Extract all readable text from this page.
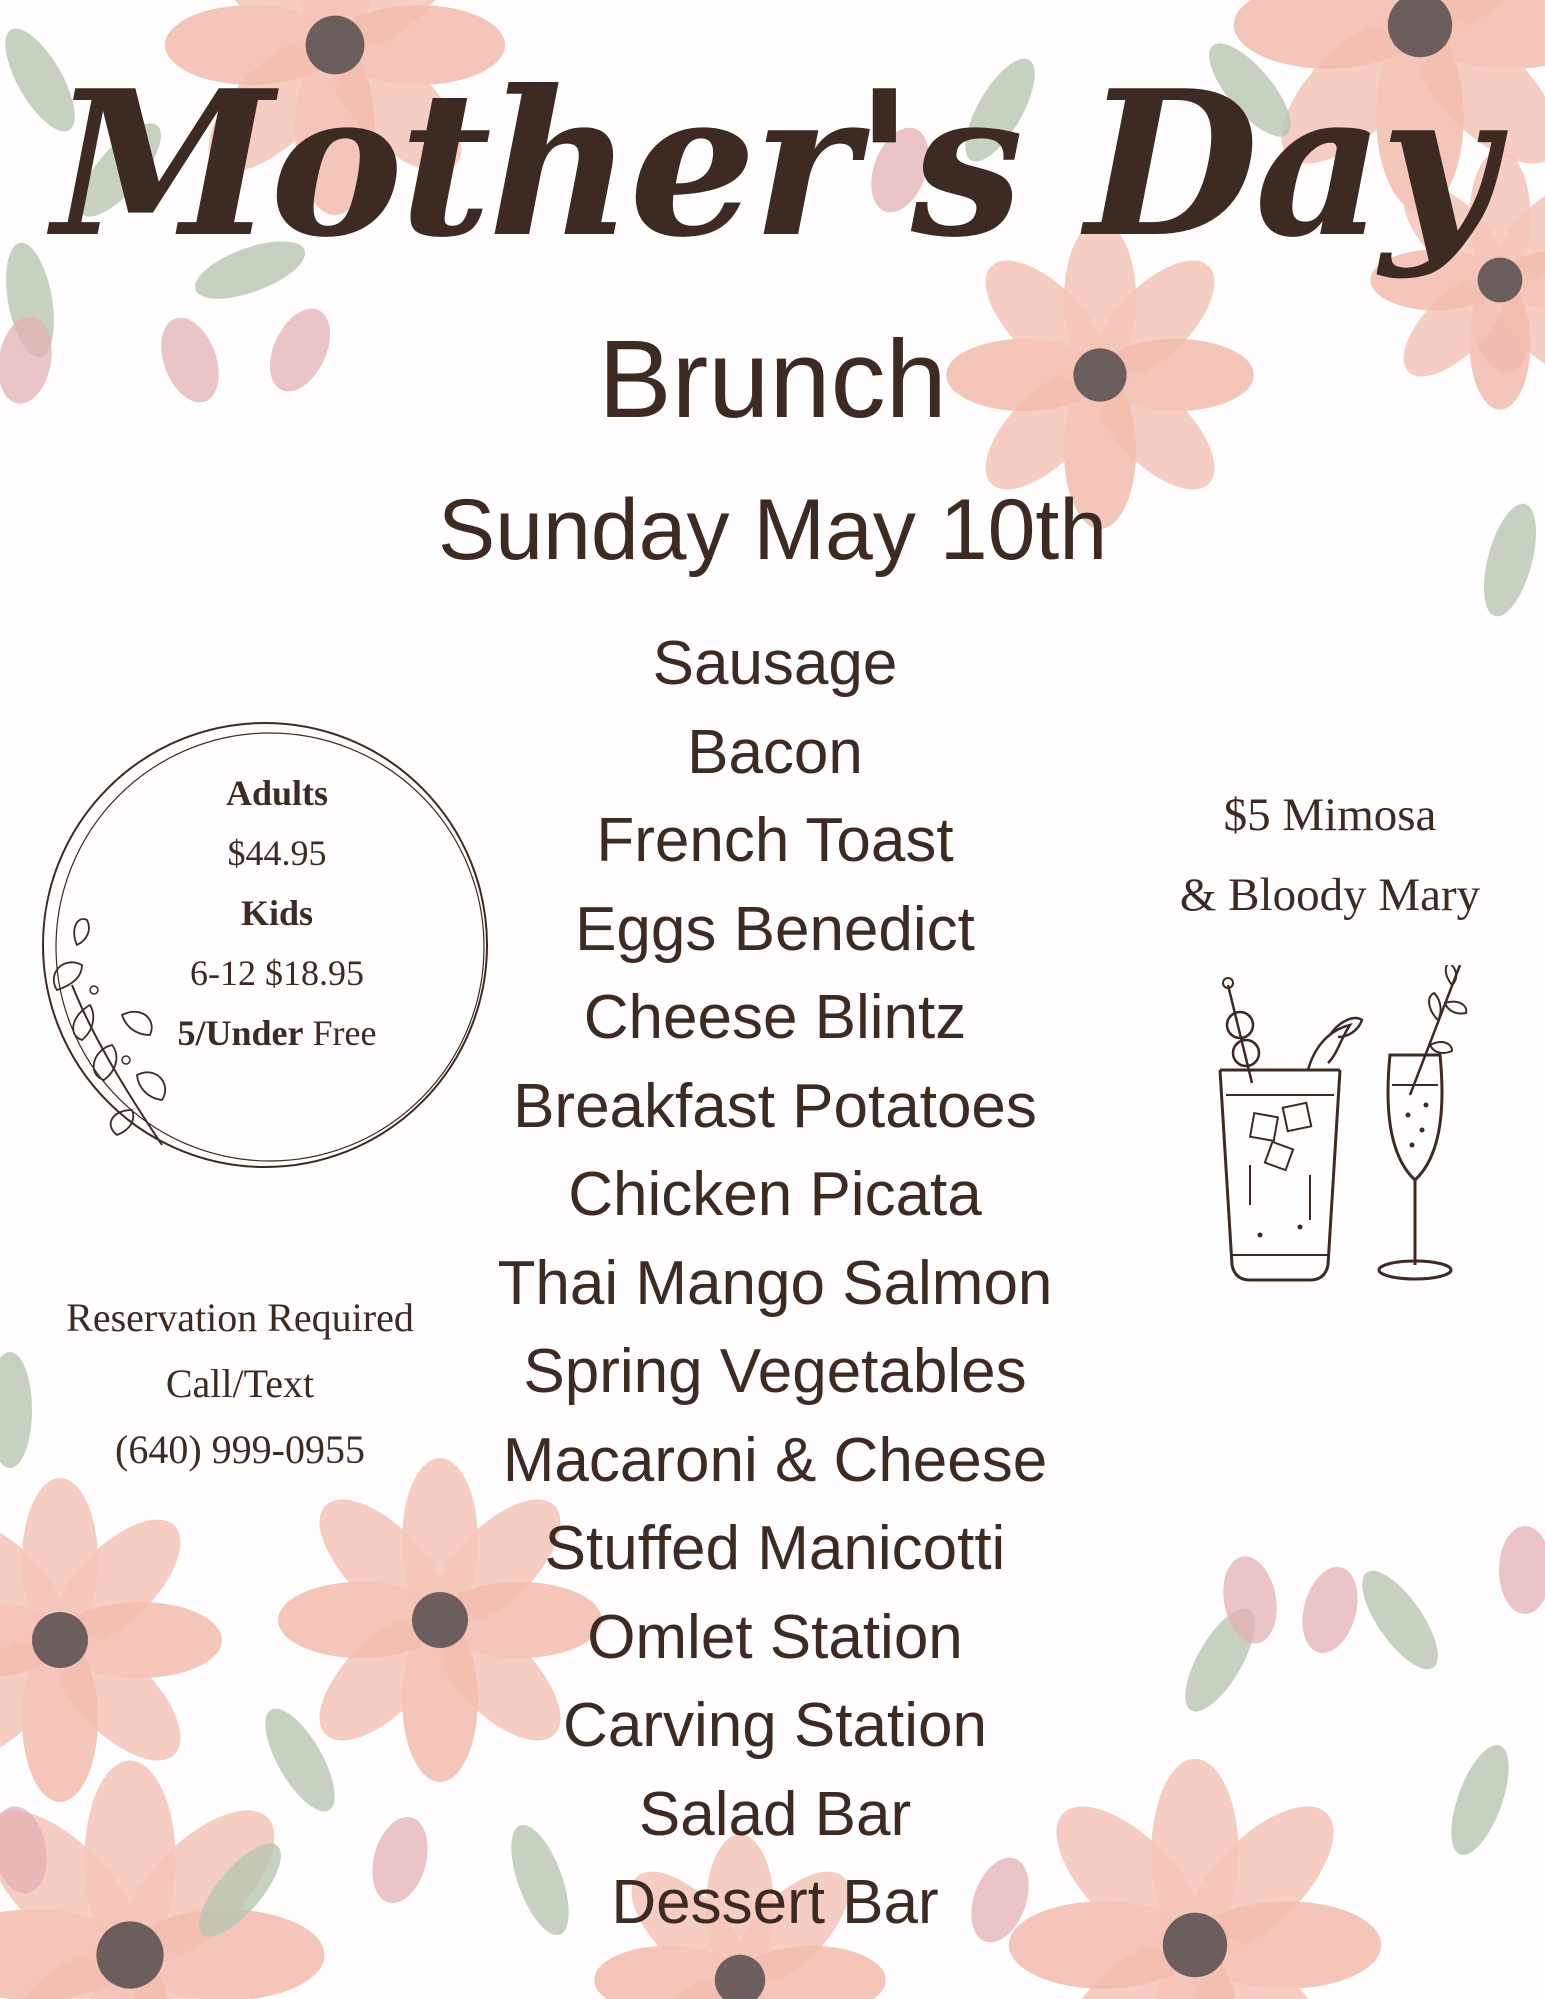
Mother's Day
Brunch
Sunday May 10th
Sausage
Bacon
French Toast
Eggs Benedict
Cheese Blintz
Breakfast Potatoes
Chicken Picata
Thai Mango Salmon
Spring Vegetables
Macaroni & Cheese
Stuffed Manicotti
Omlet Station
Carving Station
Salad Bar
Dessert Bar
Adults
$44.95
Kids
6-12 $18.95
5/Under Free
Reservation Required
Call/Text
(640) 999-0955
$5 Mimosa
& Bloody Mary
